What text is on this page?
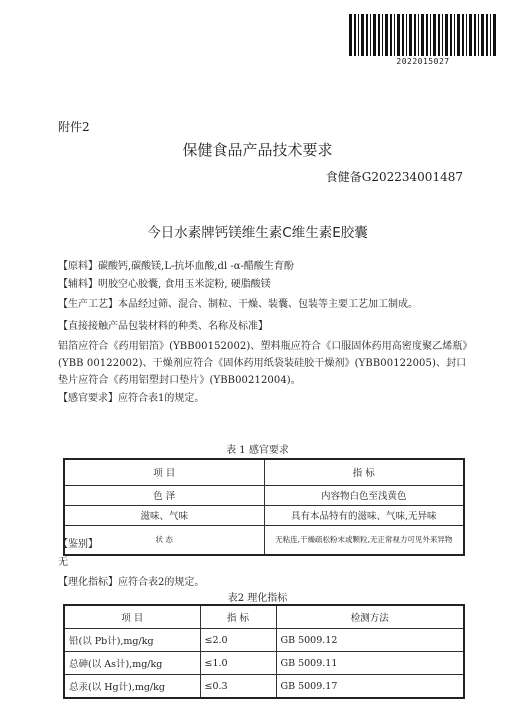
2022015027
附件2
保健食品产品技术要求
食健备G202234001487
今日水素牌钙镁维生素C维生素E胶囊
【原料】碳酸钙,碳酸镁,L-抗坏血酸,dl -α-醋酸生育酚
【辅料】明胶空心胶囊, 食用玉米淀粉, 硬脂酸镁
【生产工艺】本品经过筛、混合、制粒、干燥、装囊、包装等主要工艺加工制成。
【直接接触产品包装材料的种类、名称及标准】
铝箔应符合《药用铝箔》(YBB00152002)、塑料瓶应符合《口服固体药用高密度聚乙烯瓶》(YBB 00122002)、干燥剂应符合《固体药用纸袋装硅胶干燥剂》(YBB00122005)、封口垫片应符合《药用铝塑封口垫片》(YBB00212004)。
【感官要求】应符合表1的规定。
表 1 感官要求
项 目	指 标
色 泽	内容物白色至浅黄色
滋味、气味	具有本品特有的滋味、气味,无异味
状 态	无粘连,干燥疏松粉末或颗粒,无正常视力可见外来异物
【鉴别】
无
【理化指标】应符合表2的规定。
表2 理化指标
项 目	指 标	检测方法
铅(以 Pb计),mg/kg	≤2.0	GB 5009.12
总砷(以 As计),mg/kg	≤1.0	GB 5009.11
总汞(以 Hg计),mg/kg	≤0.3	GB 5009.17
